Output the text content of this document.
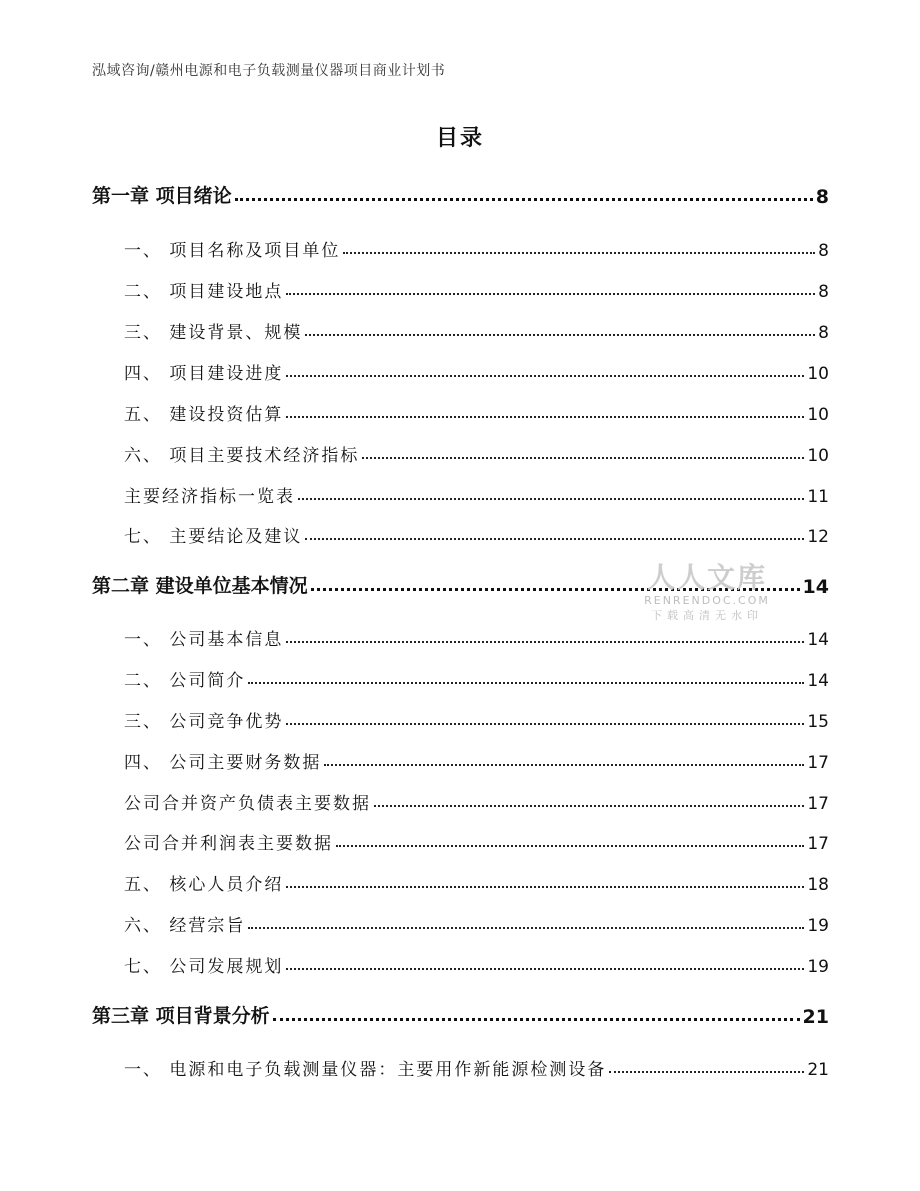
泓域咨询/赣州电源和电子负载测量仪器项目商业计划书
目录
第一章 项目绪论	8
一、 项目名称及项目单位	8
二、 项目建设地点	8
三、 建设背景、规模	8
四、 项目建设进度	10
五、 建设投资估算	10
六、 项目主要技术经济指标	10
主要经济指标一览表	11
七、 主要结论及建议	12
第二章 建设单位基本情况	14
一、 公司基本信息	14
二、 公司简介	14
三、 公司竞争优势	15
四、 公司主要财务数据	17
公司合并资产负债表主要数据	17
公司合并利润表主要数据	17
五、 核心人员介绍	18
六、 经营宗旨	19
七、 公司发展规划	19
第三章 项目背景分析	21
一、 电源和电子负载测量仪器：主要用作新能源检测设备	21
人人文库
RENRENDOC.COM
下载高清无水印
